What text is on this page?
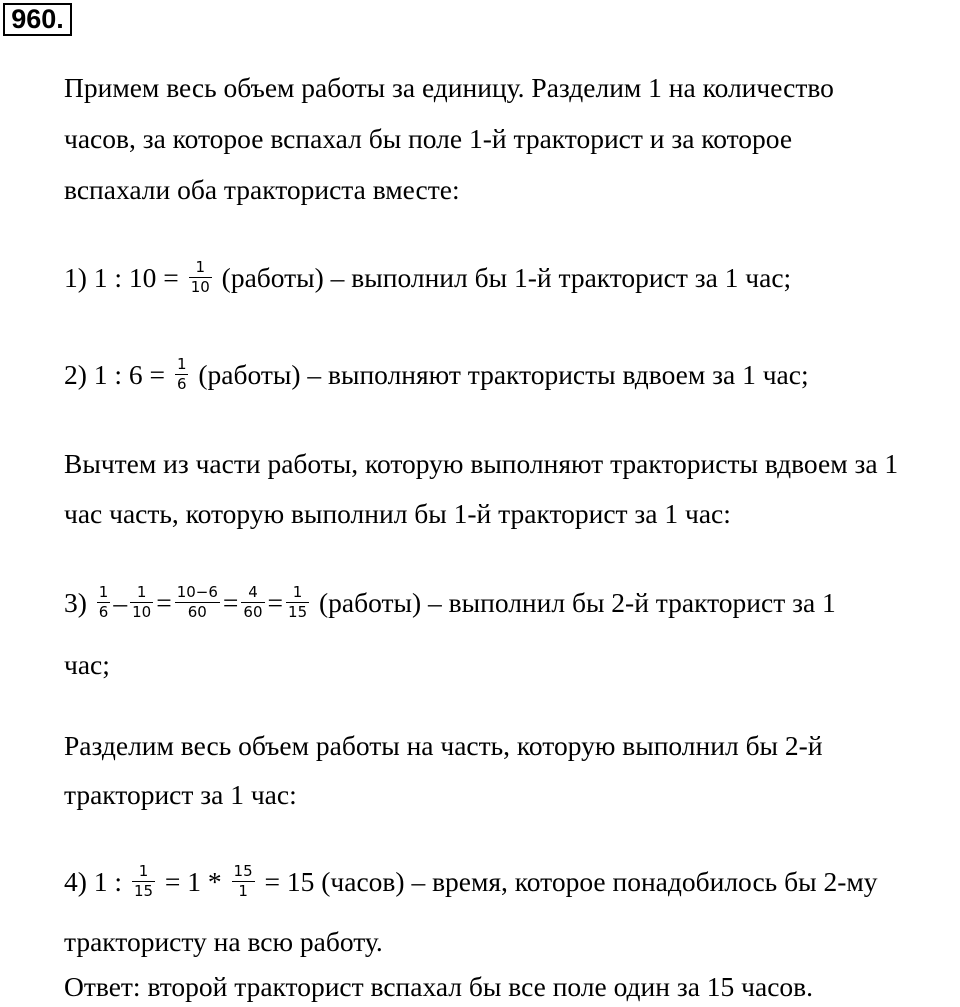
960.
Примем весь объем работы за единицу. Разделим 1 на количество
часов, за которое вспахал бы поле 1-й тракторист и за которое
вспахали оба тракториста вместе:
1) 1 : $10 = \frac{1}{10}$ (работы) – выполнил бы 1-й тракторист за 1 час;
2) 1 : $6 = \frac{1}{6}$ (работы) – выполняют трактористы вдвоем за 1 час;
Вычтем из части работы, которую выполняют трактористы вдвоем за 1
час часть, которую выполнил бы 1-й тракторист за 1 час:
$3) \frac{1}{6} - \frac{1}{10} = \frac{10-6}{60} = \frac{4}{60} = \frac{1}{15}$ (работы) – выполнил бы 2-й тракторист за 1
час;
Разделим весь объем работы на часть, которую выполнил бы 2-й
тракторист за 1 час:
4) 1 : $\frac{1}{15} = 1 * \frac{15}{1} = 15$ (часов) – время, которое понадобилось бы 2-му
трактористу на всю работу.
Ответ: второй тракторист вспахал бы все поле один за 15 часов.
